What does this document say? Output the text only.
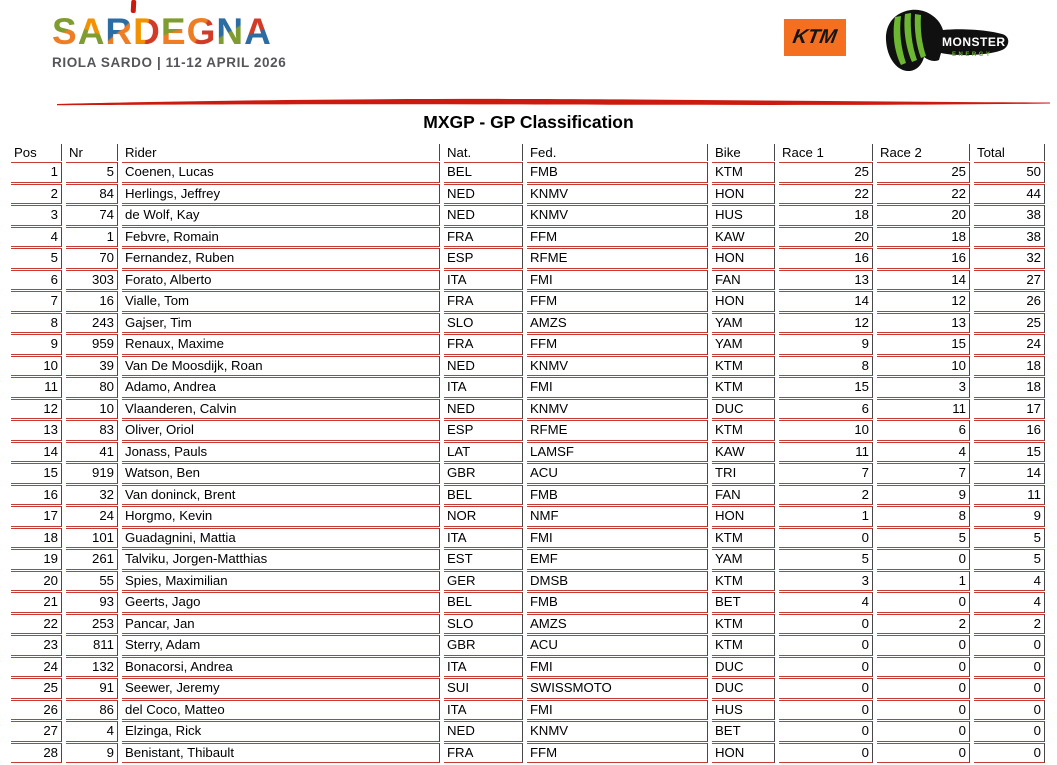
SARDEGNA
RIOLA SARDO | 11-12 APRIL 2026
KTM	MONSTER
ENERGY
MXGP - GP Classification
Pos	Nr	Rider	Nat.	Fed.	Bike	Race 1	Race 2	Total
1	5	Coenen, Lucas	BEL	FMB	KTM	25	25	50
2	84	Herlings, Jeffrey	NED	KNMV	HON	22	22	44
3	74	de Wolf, Kay	NED	KNMV	HUS	18	20	38
4	1	Febvre, Romain	FRA	FFM	KAW	20	18	38
5	70	Fernandez, Ruben	ESP	RFME	HON	16	16	32
6	303	Forato, Alberto	ITA	FMI	FAN	13	14	27
7	16	Vialle, Tom	FRA	FFM	HON	14	12	26
8	243	Gajser, Tim	SLO	AMZS	YAM	12	13	25
9	959	Renaux, Maxime	FRA	FFM	YAM	9	15	24
10	39	Van De Moosdijk, Roan	NED	KNMV	KTM	8	10	18
11	80	Adamo, Andrea	ITA	FMI	KTM	15	3	18
12	10	Vlaanderen, Calvin	NED	KNMV	DUC	6	11	17
13	83	Oliver, Oriol	ESP	RFME	KTM	10	6	16
14	41	Jonass, Pauls	LAT	LAMSF	KAW	11	4	15
15	919	Watson, Ben	GBR	ACU	TRI	7	7	14
16	32	Van doninck, Brent	BEL	FMB	FAN	2	9	11
17	24	Horgmo, Kevin	NOR	NMF	HON	1	8	9
18	101	Guadagnini, Mattia	ITA	FMI	KTM	0	5	5
19	261	Talviku, Jorgen-Matthias	EST	EMF	YAM	5	0	5
20	55	Spies, Maximilian	GER	DMSB	KTM	3	1	4
21	93	Geerts, Jago	BEL	FMB	BET	4	0	4
22	253	Pancar, Jan	SLO	AMZS	KTM	0	2	2
23	811	Sterry, Adam	GBR	ACU	KTM	0	0	0
24	132	Bonacorsi, Andrea	ITA	FMI	DUC	0	0	0
25	91	Seewer, Jeremy	SUI	SWISSMOTO	DUC	0	0	0
26	86	del Coco, Matteo	ITA	FMI	HUS	0	0	0
27	4	Elzinga, Rick	NED	KNMV	BET	0	0	0
28	9	Benistant, Thibault	FRA	FFM	HON	0	0	0
